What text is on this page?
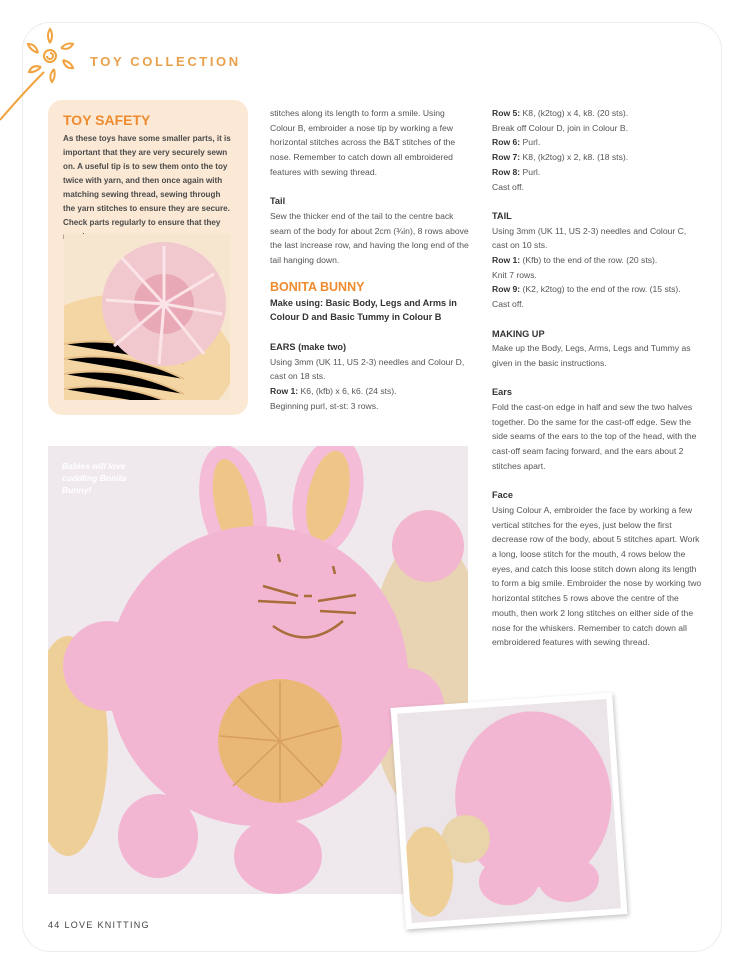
TOY COLLECTION
TOY SAFETY
As these toys have some smaller parts, it is important that they are very securely sewn on. A useful tip is to sew them onto the toy twice with yarn, and then once again with matching sewing thread, sewing through the yarn stitches to ensure they are secure. Check parts regularly to ensure that they

stitches along its length to form a smile. Using Colour B, embroider a nose tip by working a few horizontal stitches across the B&T stitches of the nose. Remember to catch down all embroidered features with sewing thread.

Tail

Sew the thicker end of the tail to the centre back seam of the body for about 2cm (¾in), 8 rows above the last increase row, and having the long end of the tail hanging down.

BONITA BUNNY

Make using: Basic Body, Legs and Arms in Colour D and Basic Tummy in Colour B

EARS (make two)

Using 3mm (UK 11, US 2-3) needles and Colour D, cast on 18 sts.

Row 1: K6, (kfb) x 6, k6. (24 sts).

Beginning purl, st-st: 3 rows.

Row 5: K8, (k2tog) x 4, k8. (20 sts).

Break off Colour D, join in Colour B.

Row 6: Purl.

Row 7: K8, (k2tog) x 2, k8. (18 sts).

Row 8: Purl.

Cast off.

TAIL

Using 3mm (UK 11, US 2-3) needles and Colour C, cast on 10 sts.

Row 1: (Kfb) to the end of the row. (20 sts).

Knit 7 rows.

Row 9: (K2, k2tog) to the end of the row. (15 sts).

Cast off.

MAKING UP

Make up the Body, Legs, Arms, Legs and Tummy as given in the basic instructions.

Ears

Fold the cast-on edge in half and sew the two halves together. Do the same for the cast-off edge. Sew the side seams of the ears to the top of the head, with the cast-off seam facing forward, and the ears about 2 stitches apart.

Face

Using Colour A, embroider the face by working a few vertical stitches for the eyes, just below the first decrease row of the body, about 5 stitches apart. Work a long, loose stitch for the mouth, 4 rows below the eyes, and catch this loose stitch down along its length to form a big smile. Embroider the nose by working two horizontal stitches 5 rows above the centre of the mouth, then work 2 long stitches on either side of the nose for the whiskers. Remember to catch down all embroidered features with sewing thread.

Babies will love cuddling Bonita Bunny!
44 LOVE KNITTING
